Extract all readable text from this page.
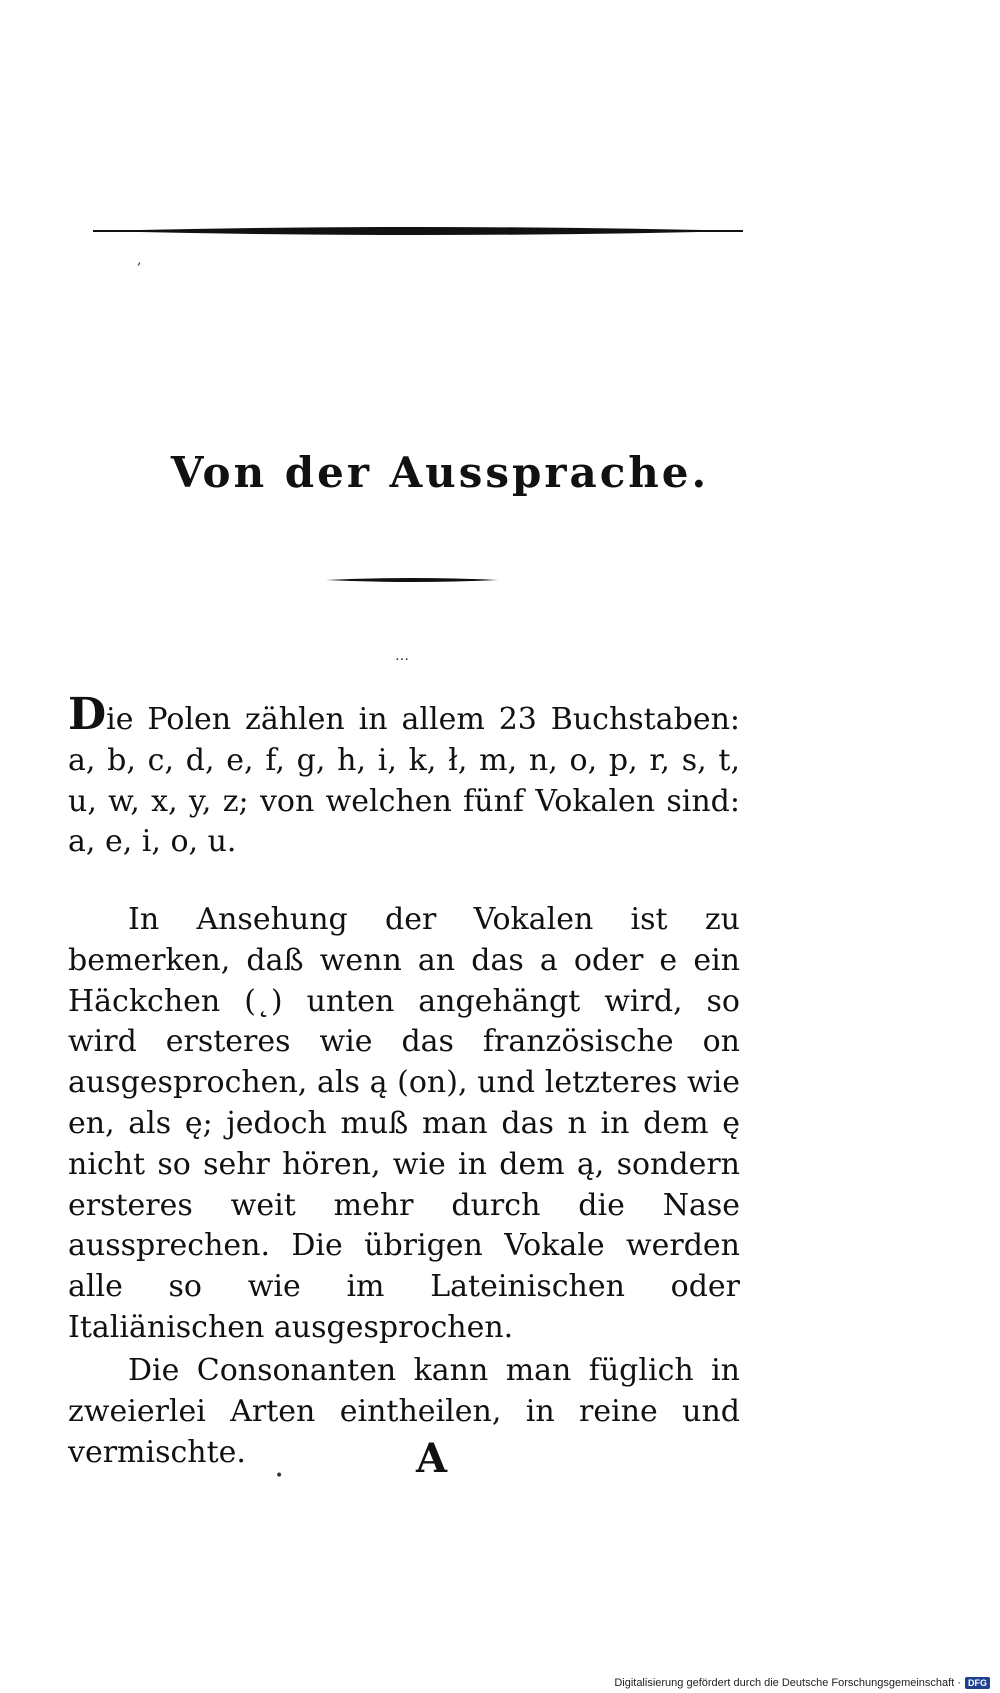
,
…
•
Von der Aussprache.

Die Polen zählen in allem 23 Buchstaben: a, b, c, d, e, f, g, h, i, k, ł, m, n, o, p, r, s, t, u, w, x, y, z; von welchen fünf Vokalen sind: a, e, i, o, u.

In Ansehung der Vokalen ist zu bemerken, daß wenn an das a oder e ein Häckchen (˛) unten angehängt wird, so wird ersteres wie das französische on ausgesprochen, als ą (on), und letzteres wie en, als ę; jedoch muß man das n in dem ę nicht so sehr hören, wie in dem ą, sondern ersteres weit mehr durch die Nase aussprechen. Die übrigen Vokale werden alle so wie im Lateinischen oder Italiänischen ausgesprochen.

Die Consonanten kann man füglich in zweierlei Arten eintheilen, in reine und vermischte.	A
Digitalisierung gefördert durch die Deutsche Forschungsgemeinschaft · DFG
